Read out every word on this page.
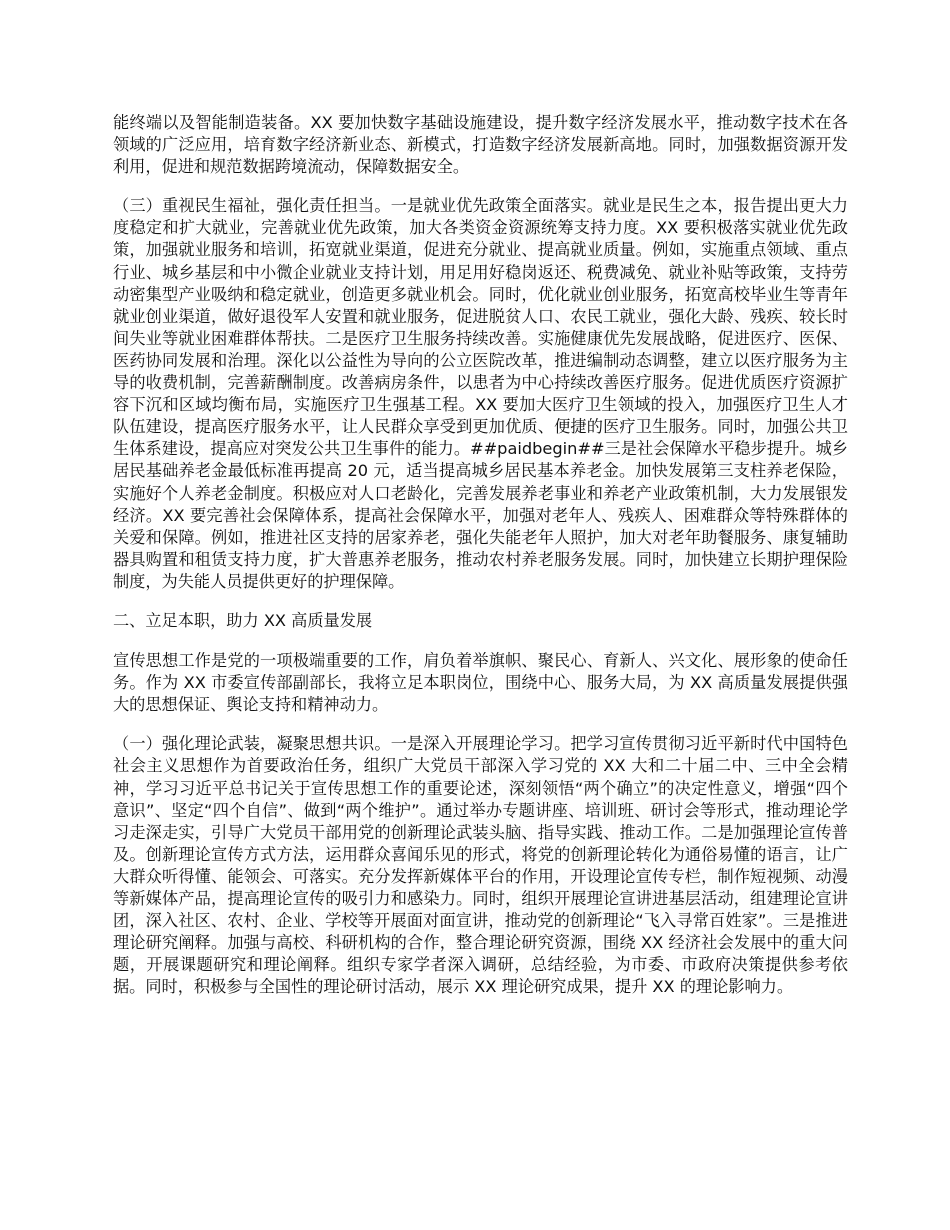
能终端以及智能制造装备。XX 要加快数字基础设施建设，提升数字经济发展水平，推动数字技术在各领域的广泛应用，培育数字经济新业态、新模式，打造数字经济发展新高地。同时，加强数据资源开发利用，促进和规范数据跨境流动，保障数据安全。

（三）重视民生福祉，强化责任担当。一是就业优先政策全面落实。就业是民生之本，报告提出更大力度稳定和扩大就业，完善就业优先政策，加大各类资金资源统筹支持力度。XX 要积极落实就业优先政策，加强就业服务和培训，拓宽就业渠道，促进充分就业、提高就业质量。例如，实施重点领域、重点行业、城乡基层和中小微企业就业支持计划，用足用好稳岗返还、税费减免、就业补贴等政策，支持劳动密集型产业吸纳和稳定就业，创造更多就业机会。同时，优化就业创业服务，拓宽高校毕业生等青年就业创业渠道，做好退役军人安置和就业服务，促进脱贫人口、农民工就业，强化大龄、残疾、较长时间失业等就业困难群体帮扶。二是医疗卫生服务持续改善。实施健康优先发展战略，促进医疗、医保、医药协同发展和治理。深化以公益性为导向的公立医院改革，推进编制动态调整，建立以医疗服务为主导的收费机制，完善薪酬制度。改善病房条件，以患者为中心持续改善医疗服务。促进优质医疗资源扩容下沉和区域均衡布局，实施医疗卫生强基工程。XX 要加大医疗卫生领域的投入，加强医疗卫生人才队伍建设，提高医疗服务水平，让人民群众享受到更加优质、便捷的医疗卫生服务。同时，加强公共卫生体系建设，提高应对突发公共卫生事件的能力。##paidbegin##三是社会保障水平稳步提升。城乡居民基础养老金最低标准再提高 20 元，适当提高城乡居民基本养老金。加快发展第三支柱养老保险，实施好个人养老金制度。积极应对人口老龄化，完善发展养老事业和养老产业政策机制，大力发展银发经济。XX 要完善社会保障体系，提高社会保障水平，加强对老年人、残疾人、困难群众等特殊群体的关爱和保障。例如，推进社区支持的居家养老，强化失能老年人照护，加大对老年助餐服务、康复辅助器具购置和租赁支持力度，扩大普惠养老服务，推动农村养老服务发展。同时，加快建立长期护理保险制度，为失能人员提供更好的护理保障。

二、立足本职，助力 XX 高质量发展

宣传思想工作是党的一项极端重要的工作，肩负着举旗帜、聚民心、育新人、兴文化、展形象的使命任务。作为 XX 市委宣传部副部长，我将立足本职岗位，围绕中心、服务大局，为 XX 高质量发展提供强大的思想保证、舆论支持和精神动力。

（一）强化理论武装，凝聚思想共识。一是深入开展理论学习。把学习宣传贯彻习近平新时代中国特色社会主义思想作为首要政治任务，组织广大党员干部深入学习党的 XX 大和二十届二中、三中全会精神，学习习近平总书记关于宣传思想工作的重要论述，深刻领悟“两个确立”的决定性意义，增强“四个意识”、坚定“四个自信”、做到“两个维护”。通过举办专题讲座、培训班、研讨会等形式，推动理论学习走深走实，引导广大党员干部用党的创新理论武装头脑、指导实践、推动工作。二是加强理论宣传普及。创新理论宣传方式方法，运用群众喜闻乐见的形式，将党的创新理论转化为通俗易懂的语言，让广大群众听得懂、能领会、可落实。充分发挥新媒体平台的作用，开设理论宣传专栏，制作短视频、动漫等新媒体产品，提高理论宣传的吸引力和感染力。同时，组织开展理论宣讲进基层活动，组建理论宣讲团，深入社区、农村、企业、学校等开展面对面宣讲，推动党的创新理论“飞入寻常百姓家”。三是推进理论研究阐释。加强与高校、科研机构的合作，整合理论研究资源，围绕 XX 经济社会发展中的重大问题，开展课题研究和理论阐释。组织专家学者深入调研，总结经验，为市委、市政府决策提供参考依据。同时，积极参与全国性的理论研讨活动，展示 XX 理论研究成果，提升 XX 的理论影响力。
